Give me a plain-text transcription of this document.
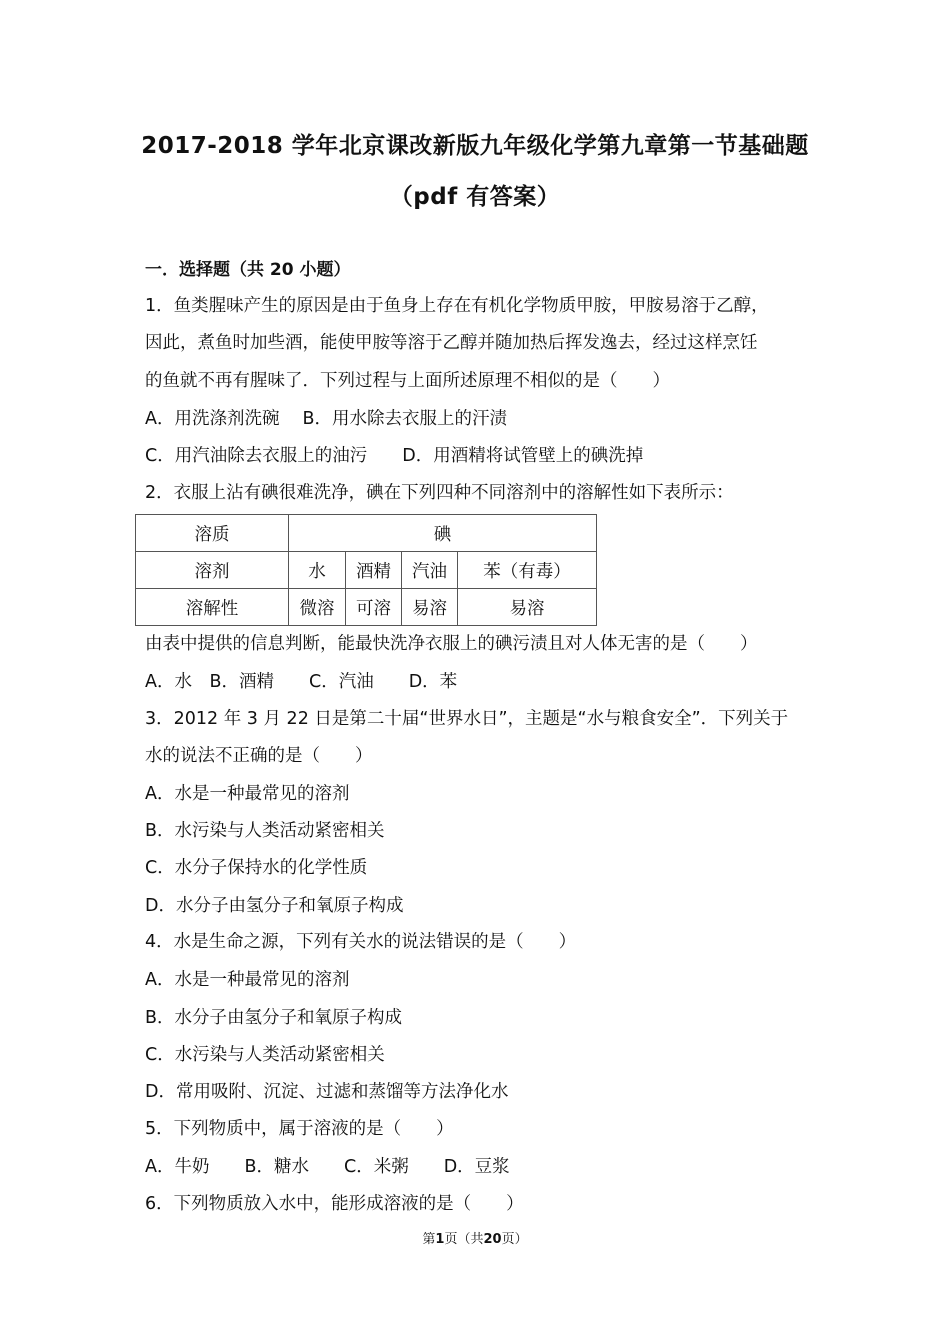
2017-2018 学年北京课改新版九年级化学第九章第一节基础题
（pdf 有答案）
一．选择题（共 20 小题）
1．鱼类腥味产生的原因是由于鱼身上存在有机化学物质甲胺，甲胺易溶于乙醇，
因此，煮鱼时加些酒，能使甲胺等溶于乙醇并随加热后挥发逸去，经过这样烹饪
的鱼就不再有腥味了．下列过程与上面所述原理不相似的是（　　）
A．用洗涤剂洗碗　 B．用水除去衣服上的汗渍
C．用汽油除去衣服上的油污　　D．用酒精将试管壁上的碘洗掉
2．衣服上沾有碘很难洗净，碘在下列四种不同溶剂中的溶解性如下表所示：
溶质	碘			
溶剂	水	酒精	汽油	苯（有毒）
溶解性	微溶	可溶	易溶	易溶
由表中提供的信息判断，能最快洗净衣服上的碘污渍且对人体无害的是（　　）
A．水　B．酒精　　C．汽油　　D．苯
3．2012 年 3 月 22 日是第二十届“世界水日”，主题是“水与粮食安全”．下列关于
水的说法不正确的是（　　）
A．水是一种最常见的溶剂
B．水污染与人类活动紧密相关
C．水分子保持水的化学性质
D．水分子由氢分子和氧原子构成
4．水是生命之源，下列有关水的说法错误的是（　　）
A．水是一种最常见的溶剂
B．水分子由氢分子和氧原子构成
C．水污染与人类活动紧密相关
D．常用吸附、沉淀、过滤和蒸馏等方法净化水
5．下列物质中，属于溶液的是（　　）
A．牛奶　　B．糖水　　C．米粥　　D．豆浆
6．下列物质放入水中，能形成溶液的是（　　）
第1页（共20页）
